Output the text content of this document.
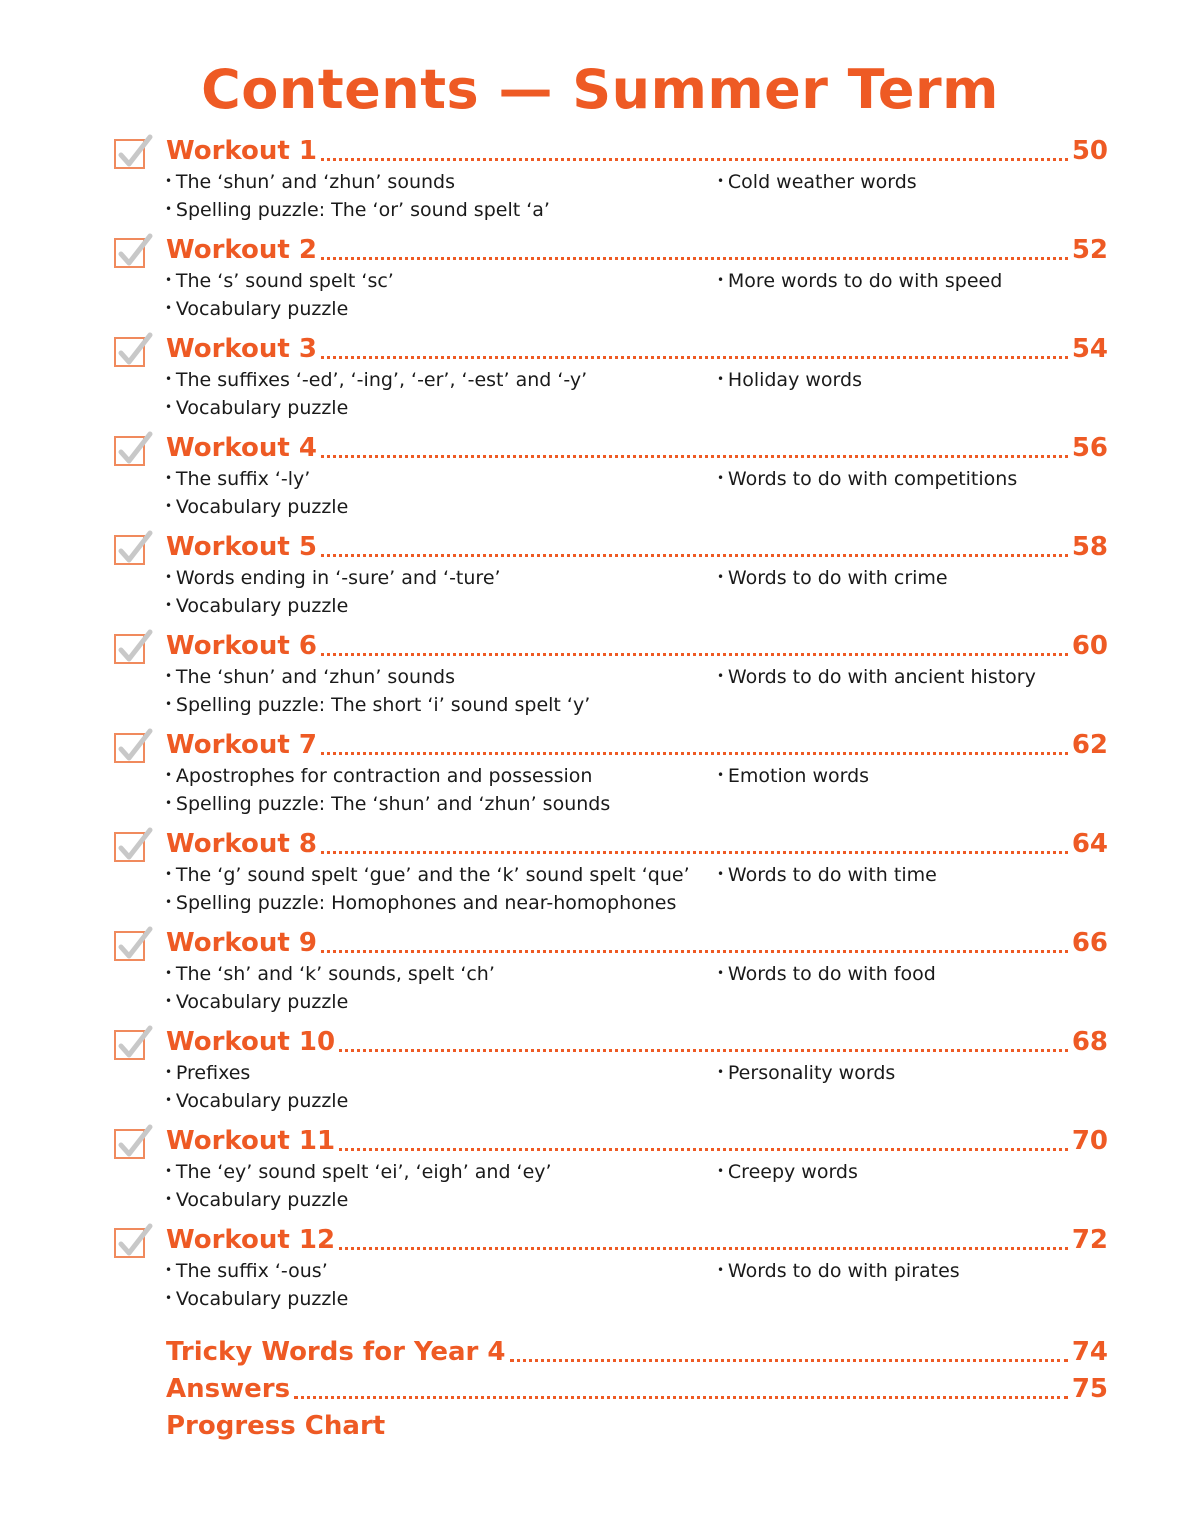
Contents — Summer Term
Workout 1	50
• The ‘shun’ and ‘zhun’ sounds
• Spelling puzzle: The ‘or’ sound spelt ‘a’
• Cold weather words
Workout 2	52
• The ‘s’ sound spelt ‘sc’
• Vocabulary puzzle
• More words to do with speed
Workout 3	54
• The suffixes ‘-ed’, ‘-ing’, ‘-er’, ‘-est’ and ‘-y’
• Vocabulary puzzle
• Holiday words
Workout 4	56
• The suffix ‘-ly’
• Vocabulary puzzle
• Words to do with competitions
Workout 5	58
• Words ending in ‘-sure’ and ‘-ture’
• Vocabulary puzzle
• Words to do with crime
Workout 6	60
• The ‘shun’ and ‘zhun’ sounds
• Spelling puzzle: The short ‘i’ sound spelt ‘y’
• Words to do with ancient history
Workout 7	62
• Apostrophes for contraction and possession
• Spelling puzzle: The ‘shun’ and ‘zhun’ sounds
• Emotion words
Workout 8	64
• The ‘g’ sound spelt ‘gue’ and the ‘k’ sound spelt ‘que’
• Spelling puzzle: Homophones and near-homophones
• Words to do with time
Workout 9	66
• The ‘sh’ and ‘k’ sounds, spelt ‘ch’
• Vocabulary puzzle
• Words to do with food
Workout 10	68
• Prefixes
• Vocabulary puzzle
• Personality words
Workout 11	70
• The ‘ey’ sound spelt ‘ei’, ‘eigh’ and ‘ey’
• Vocabulary puzzle
• Creepy words
Workout 12	72
• The suffix ‘-ous’
• Vocabulary puzzle
• Words to do with pirates
Tricky Words for Year 4	74
Answers	75
Progress Chart
